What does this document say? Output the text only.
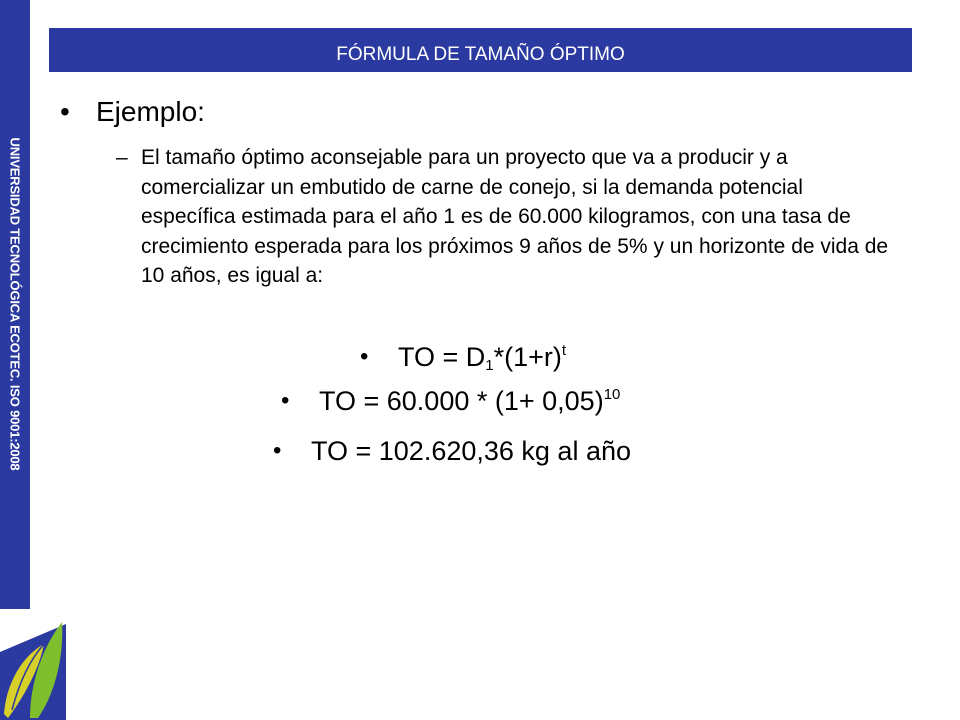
UNIVERSIDAD TECNOLÓGICA ECOTEC. ISO 9001:2008
FÓRMULA DE TAMAÑO ÓPTIMO
• Ejemplo:
– El tamaño óptimo aconsejable para un proyecto que va a producir y a comercializar un embutido de carne de conejo, si la demanda potencial específica estimada para el año 1 es de 60.000 kilogramos, con una tasa de crecimiento esperada para los próximos 9 años de 5% y un horizonte de vida de 10 años, es igual a:
• TO = $D_1*(1+r)^t$
• TO = $60.000 * (1+ 0,05)^{10}$
• TO = 102.620,36 kg al año
